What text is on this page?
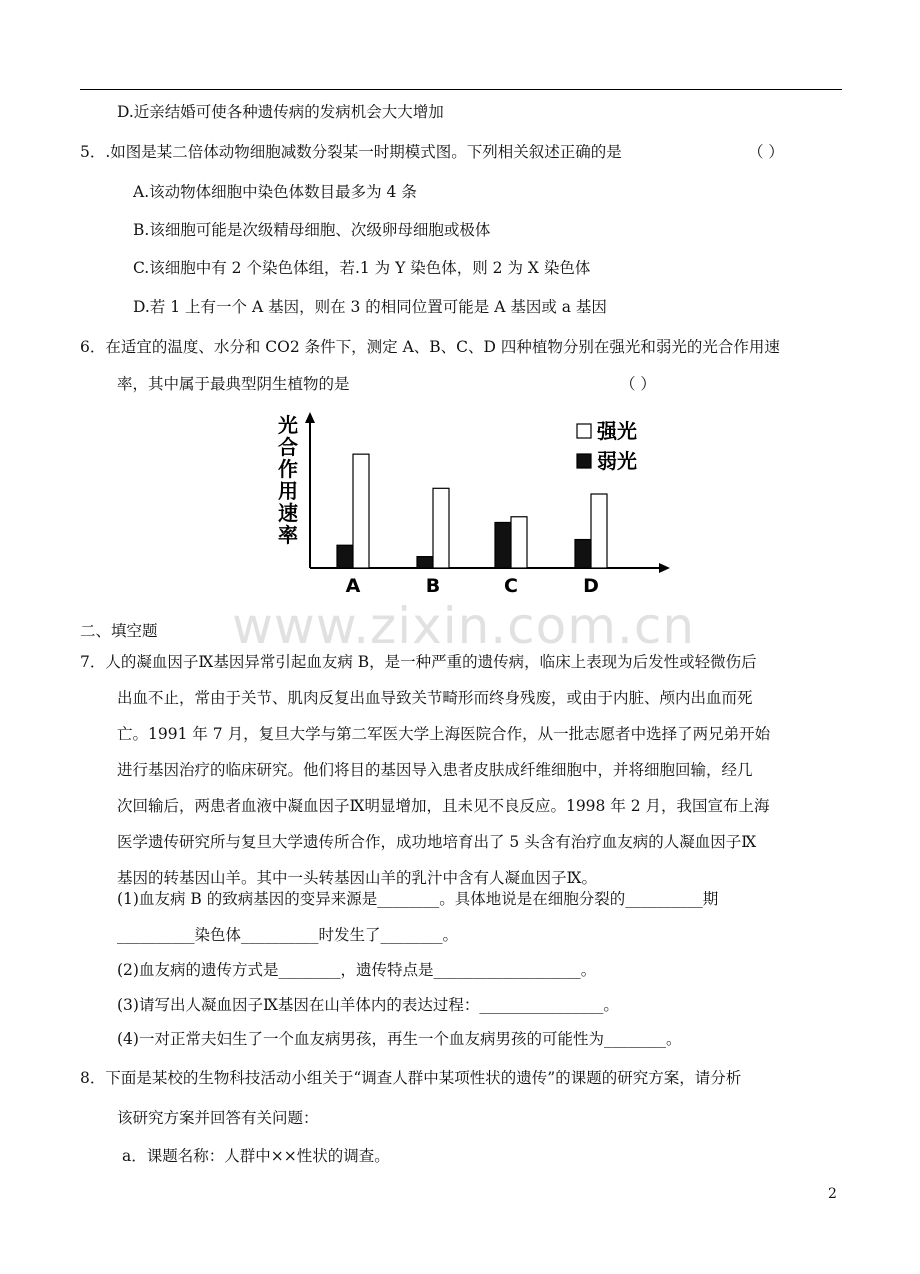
D.近亲结婚可使各种遗传病的发病机会大大增加
5．.如图是某二倍体动物细胞减数分裂某一时期模式图。下列相关叙述正确的是	（ ）
A.该动物体细胞中染色体数目最多为 4 条
B.该细胞可能是次级精母细胞、次级卵母细胞或极体
C.该细胞中有 2 个染色体组，若.1 为 Y 染色体，则 2 为 X 染色体
D.若 1 上有一个 A 基因，则在 3 的相同位置可能是 A 基因或 a 基因
6．在适宜的温度、水分和 CO2 条件下，测定 A、B、C、D 四种植物分别在强光和弱光的光合作用速
率，其中属于最典型阴生植物的是	（ ）
光
合
作
用
速
率
A	B	C	D
强光
弱光
www.zixin.com.cn
二、填空题
7．人的凝血因子Ⅸ基因异常引起血友病 B，是一种严重的遗传病，临床上表现为后发性或轻微伤后
出血不止，常由于关节、肌肉反复出血导致关节畸形而终身残废，或由于内脏、颅内出血而死
亡。1991 年 7 月，复旦大学与第二军医大学上海医院合作，从一批志愿者中选择了两兄弟开始
进行基因治疗的临床研究。他们将目的基因导入患者皮肤成纤维细胞中，并将细胞回输，经几
次回输后，两患者血液中凝血因子Ⅸ明显增加，且未见不良反应。1998 年 2 月，我国宣布上海
医学遗传研究所与复旦大学遗传所合作，成功地培育出了 5 头含有治疗血友病的人凝血因子Ⅸ
基因的转基因山羊。其中一头转基因山羊的乳汁中含有人凝血因子Ⅸ。
(1)血友病 B 的致病基因的变异来源是________。具体地说是在细胞分裂的__________期
__________染色体__________时发生了________。
(2)血友病的遗传方式是________，遗传特点是___________________。
(3)请写出人凝血因子Ⅸ基因在山羊体内的表达过程：________________。
(4)一对正常夫妇生了一个血友病男孩，再生一个血友病男孩的可能性为________。
8．下面是某校的生物科技活动小组关于“调查人群中某项性状的遗传”的课题的研究方案，请分析
该研究方案并回答有关问题：
a．课题名称：人群中××性状的调查。
2
